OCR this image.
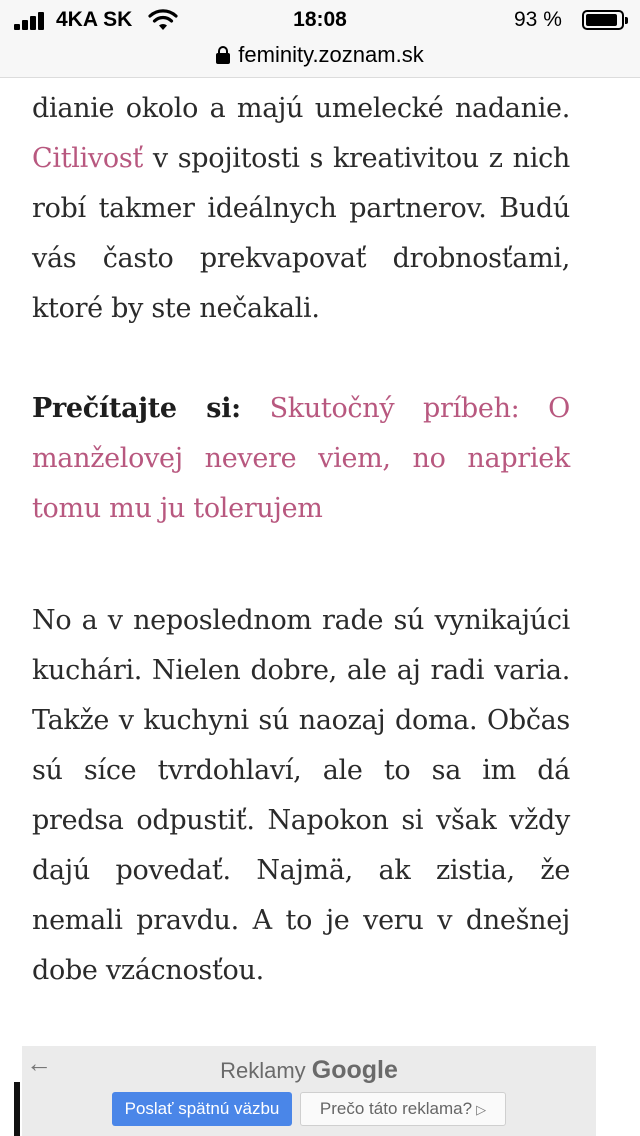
4KA SK	18:08	93 %
feminity.zoznam.sk

dianie okolo a majú umelecké nadanie. Citlivosť v spojitosti s kreativitou z nich robí takmer ideálnych partnerov. Budú vás často prekvapovať drobnosťami, ktoré by ste nečakali.

Prečítajte si: Skutočný príbeh: O manželovej nevere viem, no napriek tomu mu ju tolerujem

No a v neposlednom rade sú vynikajúci kuchári. Nielen dobre, ale aj radi varia. Takže v kuchyni sú naozaj doma. Občas sú síce tvrdohlaví, ale to sa im dá predsa odpustiť. Napokon si však vždy dajú povedať. Najmä, ak zistia, že nemali pravdu. A to je veru v dnešnej dobe vzácnosťou.

←	Reklamy Google
Poslať spätnú väzbu	Prečo táto reklama? ▷
